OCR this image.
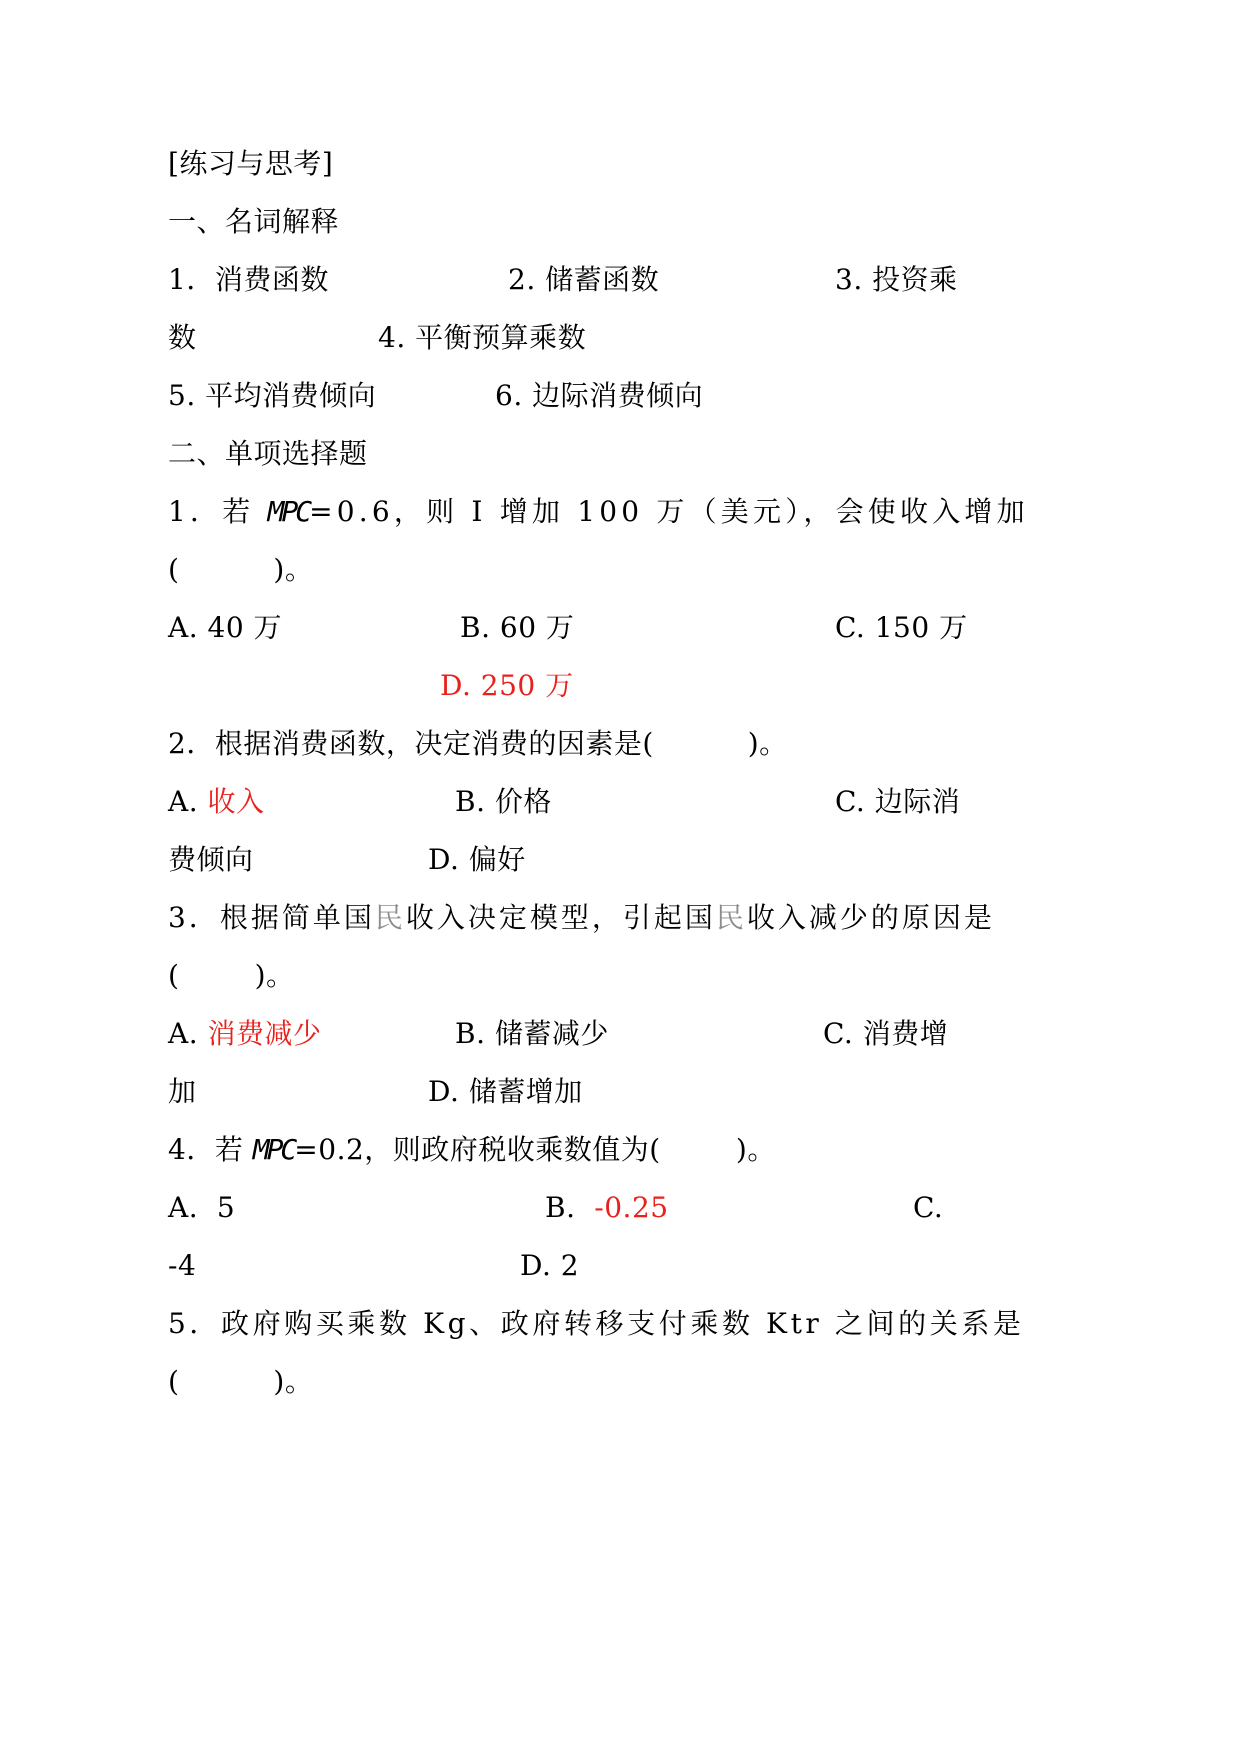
[练习与思考]
一、名词解释
1．消费函数	2. 储蓄函数	3. 投资乘
数	4. 平衡预算乘数
5. 平均消费倾向	6. 边际消费倾向
二、单项选择题
1．若 MPC=0.6，则 I 增加 100 万（美元），会使收入增加
(          )。
A. 40 万	B. 60 万	C. 150 万
D. 250 万
2．根据消费函数，决定消费的因素是(          )。
A. 收入	B. 价格	C. 边际消
费倾向	D. 偏好
3．根据简单国民收入决定模型，引起国民收入减少的原因是
(        )。
A. 消费减少	B. 储蓄减少	C. 消费增
加	D. 储蓄增加
4．若 MPC=0.2，则政府税收乘数值为(        )。
A.  5	B.  -0.25	C.
-4	D. 2
5．政府购买乘数 Kg、政府转移支付乘数 Ktr 之间的关系是
(          )。
